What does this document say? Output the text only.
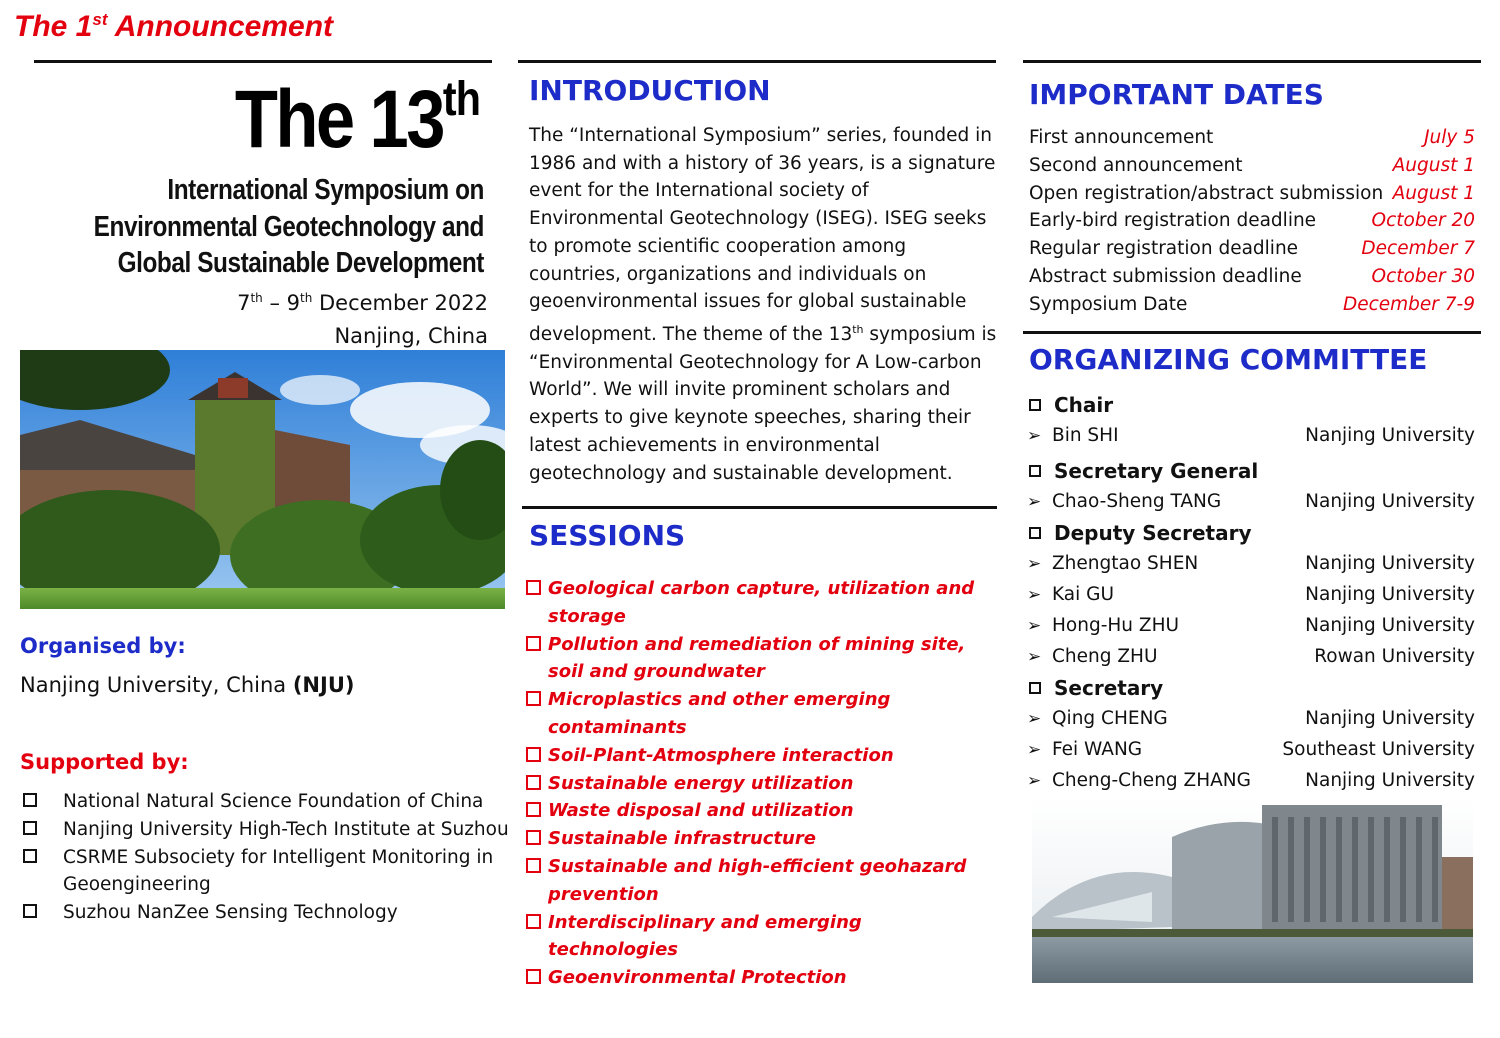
The 1st Announcement
The 13th
International Symposium on
Environmental Geotechnology and
Global Sustainable Development
7th – 9th December 2022
Nanjing, China
Organised by:
Nanjing University, China (NJU)
Supported by:
National Natural Science Foundation of China
Nanjing University High-Tech Institute at Suzhou
CSRME Subsociety for Intelligent Monitoring in Geoengineering
Suzhou NanZee Sensing Technology
INTRODUCTION
The “International Symposium” series, founded in 1986 and with a history of 36 years, is a signature event for the International society of Environmental Geotechnology (ISEG). ISEG seeks to promote scientific cooperation among countries, organizations and individuals on geoenvironmental issues for global sustainable development. The theme of the 13th symposium is “Environmental Geotechnology for A Low-carbon World”. We will invite prominent scholars and experts to give keynote speeches, sharing their latest achievements in environmental geotechnology and sustainable development.
SESSIONS
Geological carbon capture, utilization and storage
Pollution and remediation of mining site, soil and groundwater
Microplastics and other emerging contaminants
Soil-Plant-Atmosphere interaction
Sustainable energy utilization
Waste disposal and utilization
Sustainable infrastructure
Sustainable and high-efficient geohazard prevention
Interdisciplinary and emerging technologies
Geoenvironmental Protection
IMPORTANT DATES
First announcement	July 5
Second announcement	August 1
Open registration/abstract submission August 1
Early-bird registration deadline	October 20
Regular registration deadline	December 7
Abstract submission deadline	October 30
Symposium Date	December 7-9
ORGANIZING COMMITTEE
Chair
➢ Bin SHI	Nanjing University
Secretary General
➢ Chao-Sheng TANG	Nanjing University
Deputy Secretary
➢ Zhengtao SHEN	Nanjing University
➢ Kai GU	Nanjing University
➢ Hong-Hu ZHU	Nanjing University
➢ Cheng ZHU	Rowan University
Secretary
➢ Qing CHENG	Nanjing University
➢ Fei WANG	Southeast University
➢ Cheng-Cheng ZHANG	Nanjing University
